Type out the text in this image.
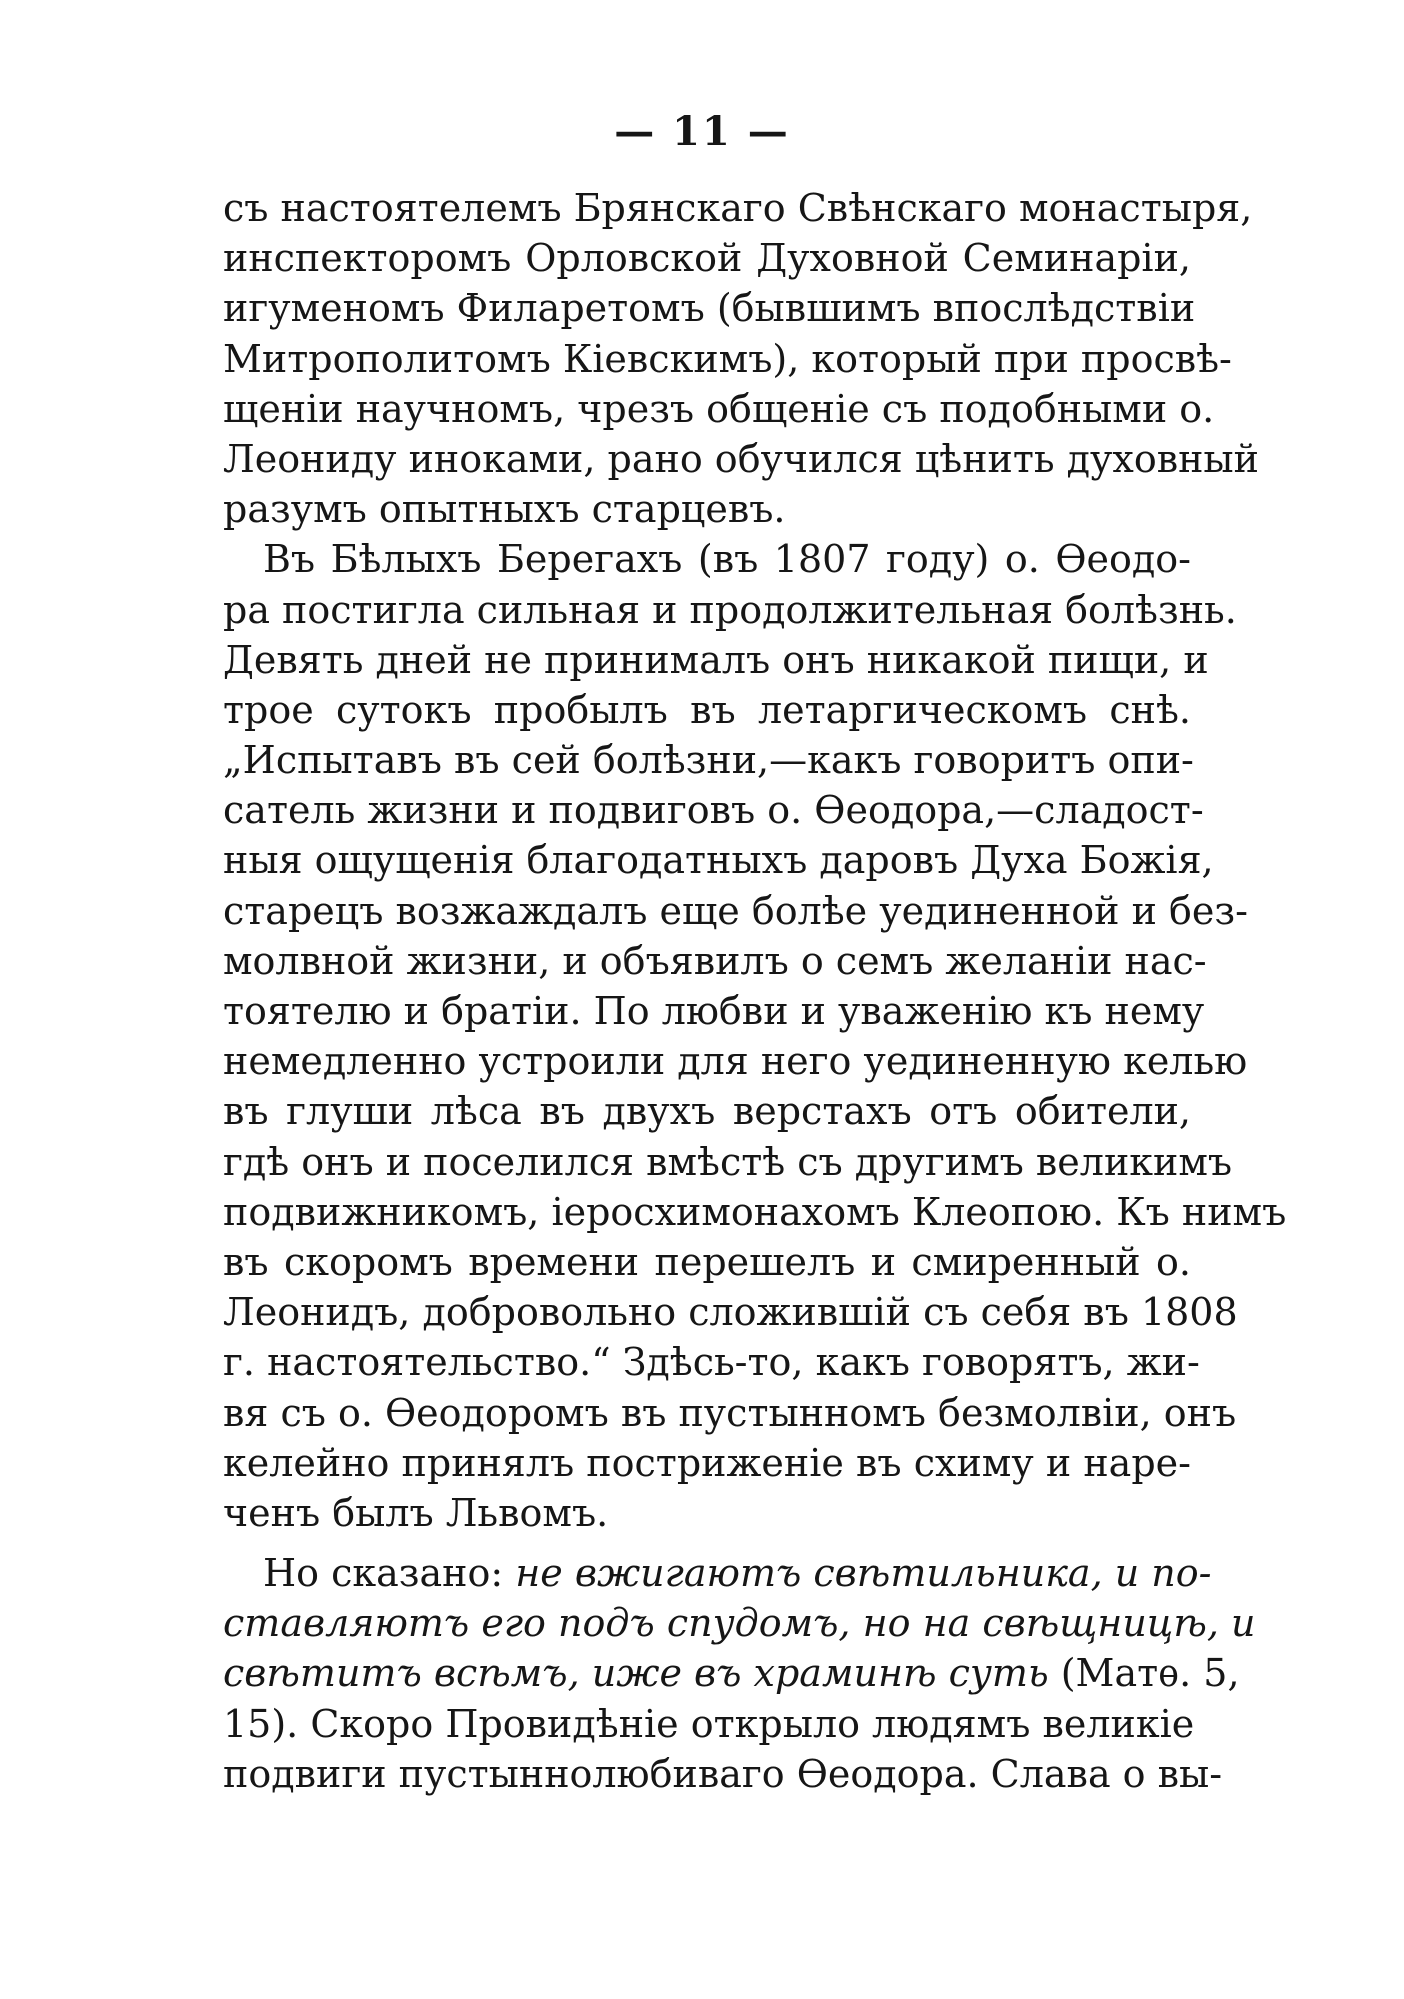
— 11 —
съ настоятелемъ Брянскаго Свѣнскаго монастыря,
инспекторомъ Орловской Духовной Семинаріи,
игуменомъ Филаретомъ (бывшимъ впослѣдствіи
Митрополитомъ Кіевскимъ), который при просвѣ-
щеніи научномъ, чрезъ общеніе съ подобными о.
Леониду иноками, рано обучился цѣнить духовный
разумъ опытныхъ старцевъ.
Въ Бѣлыхъ Берегахъ (въ 1807 году) о. Ѳеодо-
ра постигла сильная и продолжительная болѣзнь.
Девять дней не принималъ онъ никакой пищи, и
трое сутокъ пробылъ въ летаргическомъ снѣ.
„Испытавъ въ сей болѣзни,—какъ говоритъ опи-
сатель жизни и подвиговъ о. Ѳеодора,—сладост-
ныя ощущенія благодатныхъ даровъ Духа Божія,
старецъ возжаждалъ еще болѣе уединенной и без-
молвной жизни, и объявилъ о семъ желаніи нас-
тоятелю и братіи. По любви и уваженію къ нему
немедленно устроили для него уединенную келью
въ глуши лѣса въ двухъ верстахъ отъ обители,
гдѣ онъ и поселился вмѣстѣ съ другимъ великимъ
подвижникомъ, іеросхимонахомъ Клеопою. Къ нимъ
въ скоромъ времени перешелъ и смиренный о.
Леонидъ, добровольно сложившій съ себя въ 1808
г. настоятельство.“ Здѣсь-то, какъ говорятъ, жи-
вя съ о. Ѳеодоромъ въ пустынномъ безмолвіи, онъ
келейно принялъ постриженіе въ схиму и наре-
ченъ былъ Львомъ.
Но сказано: не вжигаютъ свѣтильника, и по-
ставляютъ его подъ спудомъ, но на свѣщницѣ, и
свѣтитъ всѣмъ, иже въ храминѣ суть (Матѳ. 5,
15). Скоро Провидѣніе открыло людямъ великіе
подвиги пустыннолюбиваго Ѳеодора. Слава о вы-
